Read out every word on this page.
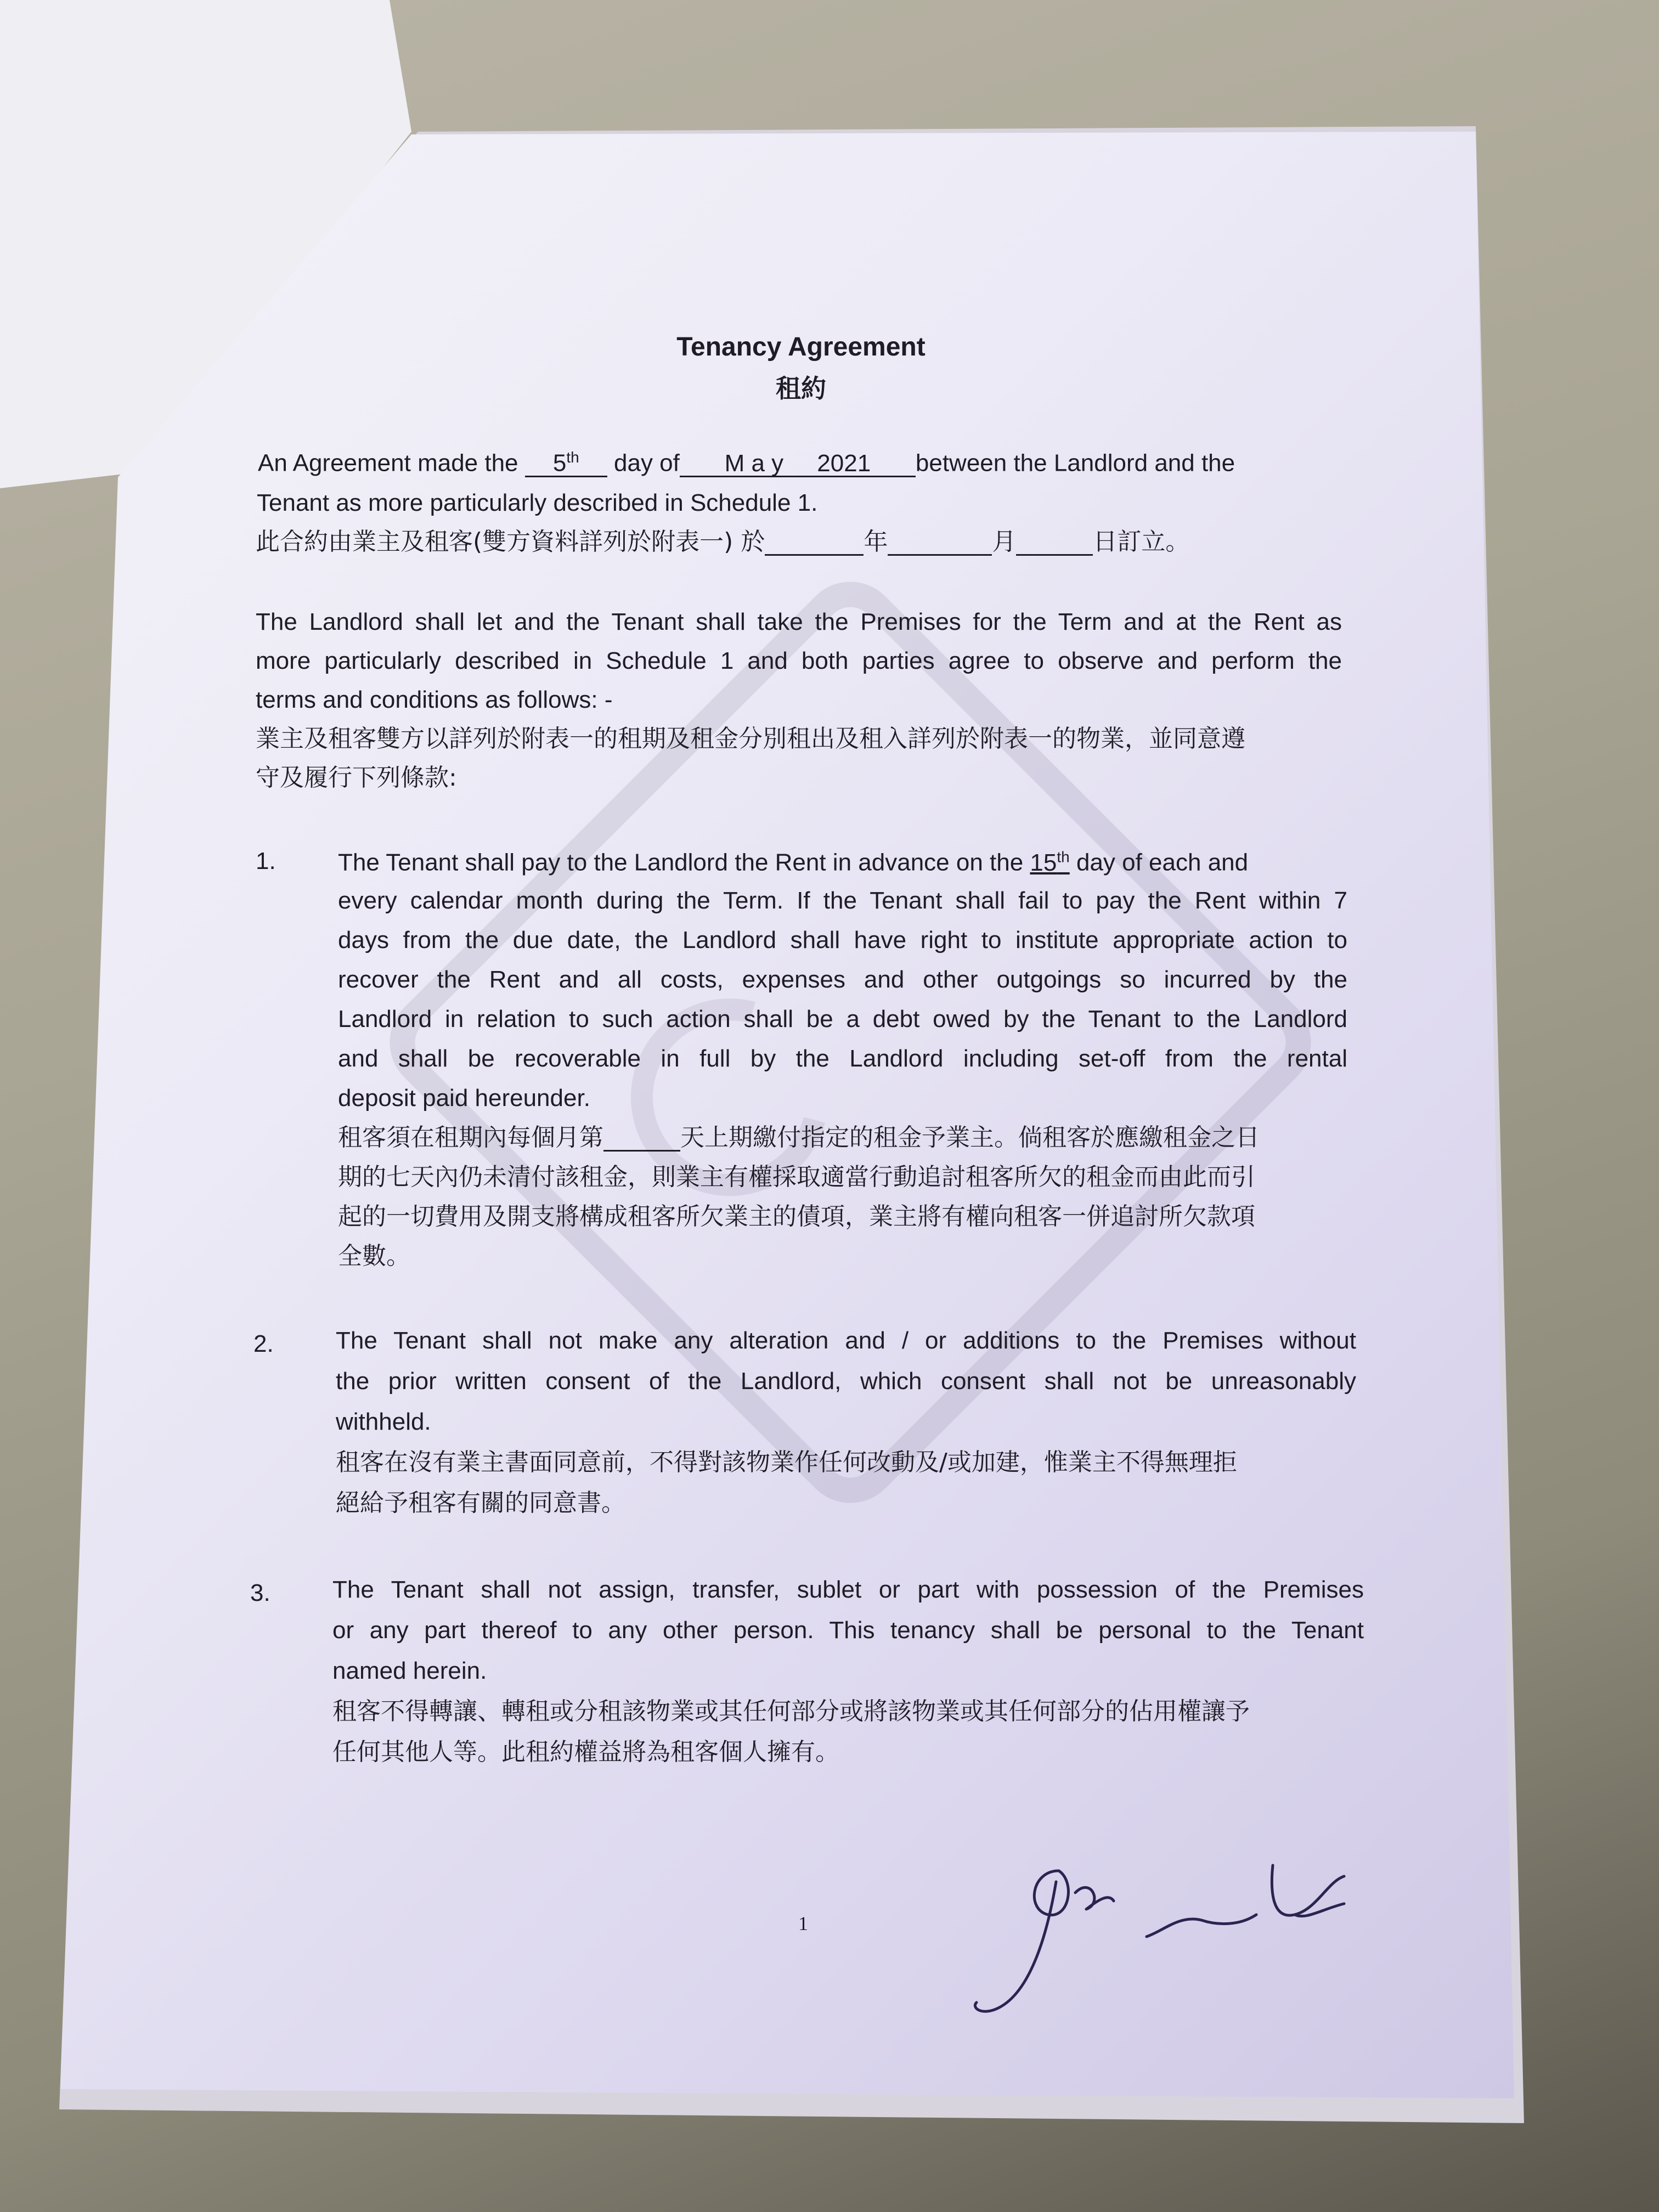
Tenancy Agreement
租約
An Agreement made the 5th day of M a y 2021 between the Landlord and the
Tenant as more particularly described in Schedule 1.
此合約由業主及租客(雙方資料詳列於附表一) 於	年	月	日訂立。
The Landlord shall let and the Tenant shall take the Premises for the Term and at the Rent as
more particularly described in Schedule 1 and both parties agree to observe and perform the
terms and conditions as follows: -
業主及租客雙方以詳列於附表一的租期及租金分別租出及租入詳列於附表一的物業，並同意遵
守及履行下列條款:
1.	The Tenant shall pay to the Landlord the Rent in advance on the 15th day of each and
every calendar month during the Term. If the Tenant shall fail to pay the Rent within 7
days from the due date, the Landlord shall have right to institute appropriate action to
recover the Rent and all costs, expenses and other outgoings so incurred by the
Landlord in relation to such action shall be a debt owed by the Tenant to the Landlord
and shall be recoverable in full by the Landlord including set-off from the rental
deposit paid hereunder.
租客須在租期內每個月第	天上期繳付指定的租金予業主。倘租客於應繳租金之日
期的七天內仍未清付該租金，則業主有權採取適當行動追討租客所欠的租金而由此而引
起的一切費用及開支將構成租客所欠業主的債項，業主將有權向租客一併追討所欠款項
全數。
2.	The Tenant shall not make any alteration and / or additions to the Premises without
the prior written consent of the Landlord, which consent shall not be unreasonably
withheld.
租客在沒有業主書面同意前，不得對該物業作任何改動及/或加建，惟業主不得無理拒
絕給予租客有關的同意書。
3.	The Tenant shall not assign, transfer, sublet or part with possession of the Premises
or any part thereof to any other person. This tenancy shall be personal to the Tenant
named herein.
租客不得轉讓、轉租或分租該物業或其任何部分或將該物業或其任何部分的佔用權讓予
任何其他人等。此租約權益將為租客個人擁有。
1
